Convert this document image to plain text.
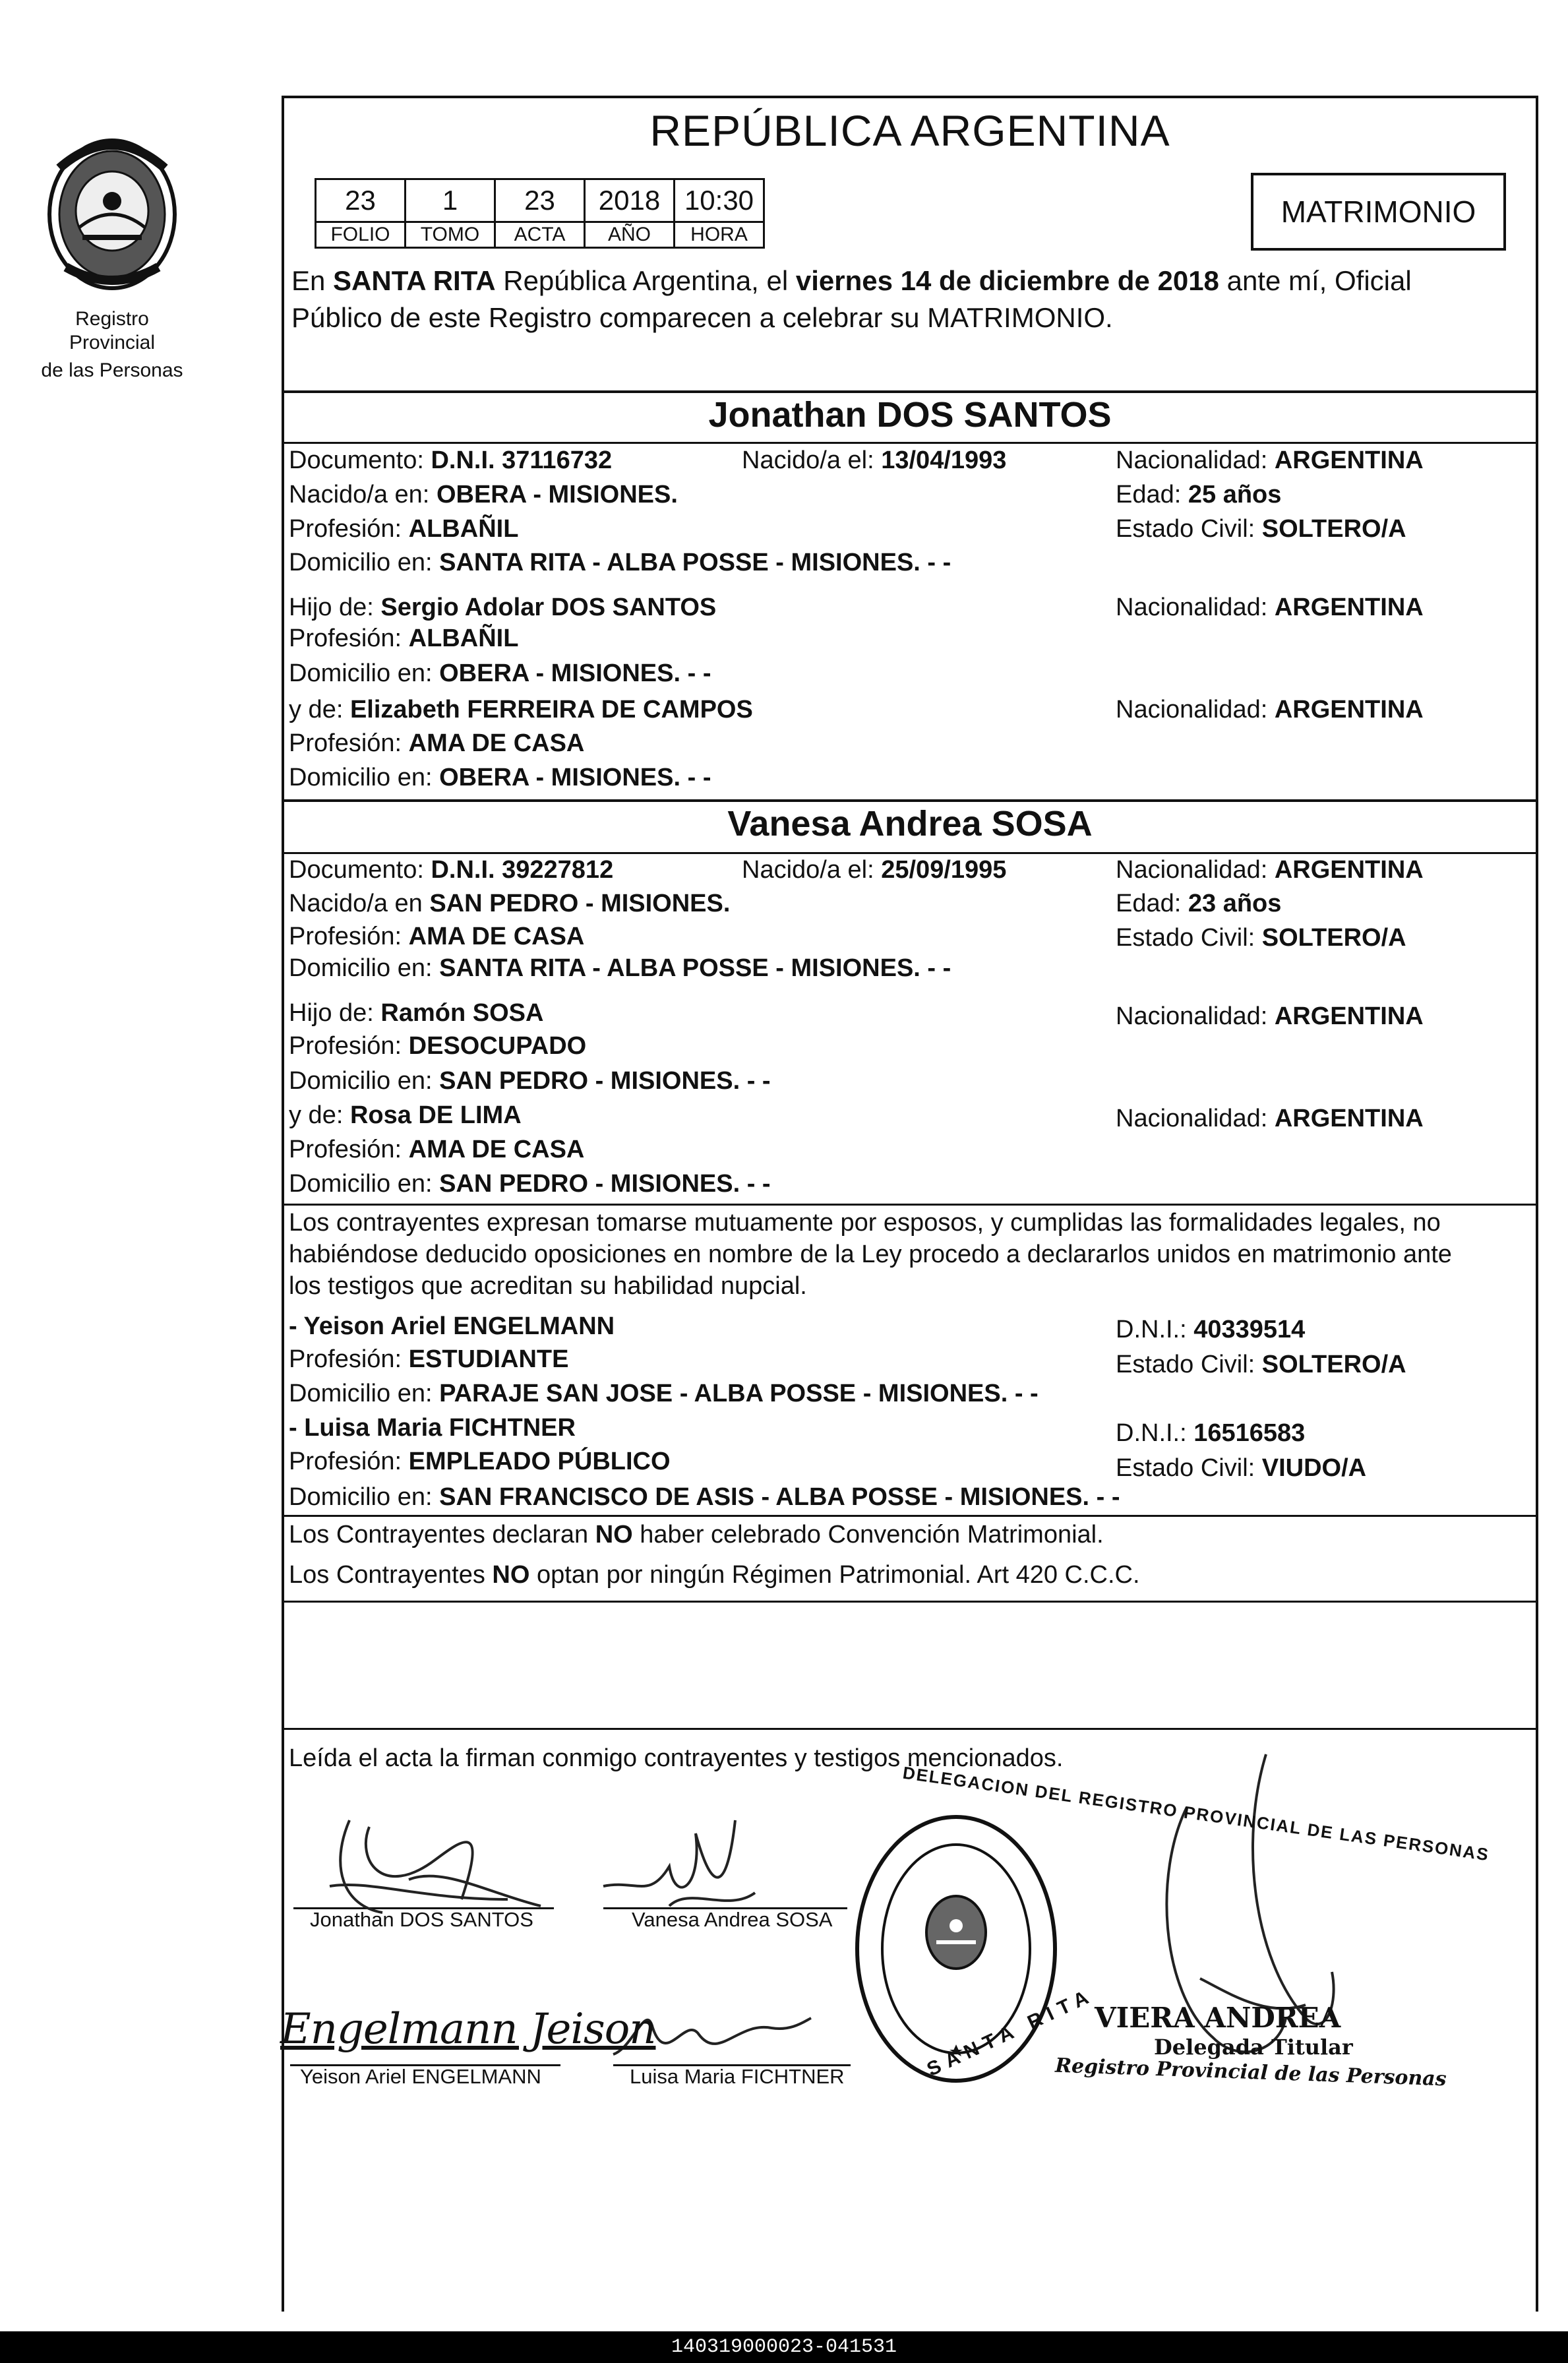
Registro Provincial
de las Personas
REPÚBLICA ARGENTINA
23	1	23	2018	10:30
FOLIO	TOMO	ACTA	AÑO	HORA
MATRIMONIO
En SANTA RITA República Argentina, el viernes 14 de diciembre de 2018 ante mí, Oficial
Público de este Registro comparecen a celebrar su MATRIMONIO.
Jonathan DOS SANTOS
Documento: D.N.I. 37116732	Nacido/a el: 13/04/1993	Nacionalidad: ARGENTINA
Nacido/a en: OBERA - MISIONES.	Edad: 25 años
Profesión: ALBAÑIL	Estado Civil: SOLTERO/A
Domicilio en: SANTA RITA - ALBA POSSE - MISIONES. - -
Hijo de: Sergio Adolar DOS SANTOS	Nacionalidad: ARGENTINA
Profesión: ALBAÑIL
Domicilio en: OBERA - MISIONES. - -
y de: Elizabeth FERREIRA DE CAMPOS	Nacionalidad: ARGENTINA
Profesión: AMA DE CASA
Domicilio en: OBERA - MISIONES. - -
Vanesa Andrea SOSA
Documento: D.N.I. 39227812	Nacido/a el: 25/09/1995	Nacionalidad: ARGENTINA
Nacido/a en SAN PEDRO - MISIONES.	Edad: 23 años
Profesión: AMA DE CASA	Estado Civil: SOLTERO/A
Domicilio en: SANTA RITA - ALBA POSSE - MISIONES. - -
Hijo de: Ramón SOSA	Nacionalidad: ARGENTINA
Profesión: DESOCUPADO
Domicilio en: SAN PEDRO - MISIONES. - -
y de: Rosa DE LIMA	Nacionalidad: ARGENTINA
Profesión: AMA DE CASA
Domicilio en: SAN PEDRO - MISIONES. - -
Los contrayentes expresan tomarse mutuamente por esposos, y cumplidas las formalidades legales, no
habiéndose deducido oposiciones en nombre de la Ley procedo a declararlos unidos en matrimonio ante
los testigos que acreditan su habilidad nupcial.
- Yeison Ariel ENGELMANN	D.N.I.: 40339514
Profesión: ESTUDIANTE	Estado Civil: SOLTERO/A
Domicilio en: PARAJE SAN JOSE - ALBA POSSE - MISIONES. - -
- Luisa Maria FICHTNER	D.N.I.: 16516583
Profesión: EMPLEADO PÚBLICO	Estado Civil: VIUDO/A
Domicilio en: SAN FRANCISCO DE ASIS - ALBA POSSE - MISIONES. - -
Los Contrayentes declaran NO haber celebrado Convención Matrimonial.
Los Contrayentes NO optan por ningún Régimen Patrimonial. Art 420 C.C.C.
Leída el acta la firman conmigo contrayentes y testigos mencionados.
Jonathan DOS SANTOS	Vanesa Andrea SOSA
Yeison Ariel ENGELMANN	Luisa Maria FICHTNER
Engelmann Jeison
DELEGACION DEL REGISTRO PROVINCIAL DE LAS PERSONAS
SANTA RITA
VIERA ANDREA
Delegada Titular
Registro Provincial de las Personas
140319000023-041531
